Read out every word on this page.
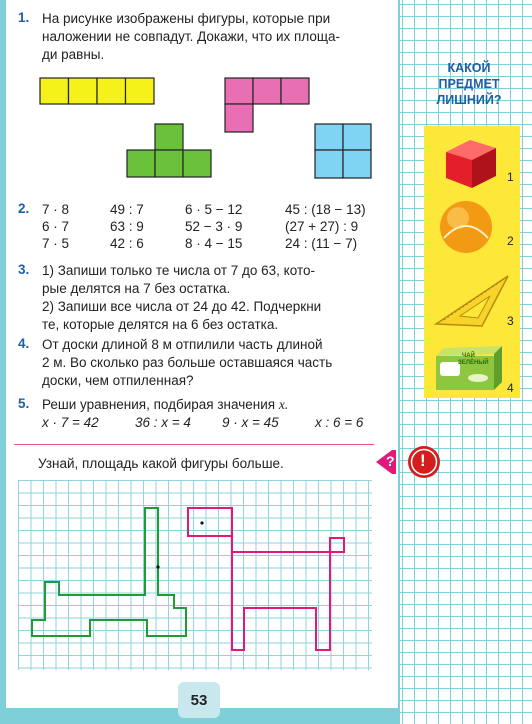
1. На рисунке изображены фигуры, которые при
наложении не совпадут. Докажи, что их площа-
ди равны.
2. 7 · 8	49 : 7	6 · 5 − 12	45 : (18 − 13)
6 · 7	63 : 9	52 − 3 · 9	(27 + 27) : 9
7 · 5	42 : 6	8 · 4 − 15	24 : (11 − 7)
3. 1) Запиши только те числа от 7 до 63, кото-
рые делятся на 7 без остатка.
2) Запиши все числа от 24 до 42. Подчеркни
те, которые делятся на 6 без остатка.
4. От доски длиной 8 м отпилили часть длиной
2 м. Во сколько раз больше оставшаяся часть
доски, чем отпиленная?
5. Реши уравнения, подбирая значения x.
x · 7 = 42	36 : x = 4 9 · x = 45	x : 6 = 6
Узнай, площадь какой фигуры больше.	? !
КАКОЙ
ПРЕДМЕТ
ЛИШНИЙ?
1
2
3
4
ЧАЙ
ЗЕЛЁНЫЙ
53
